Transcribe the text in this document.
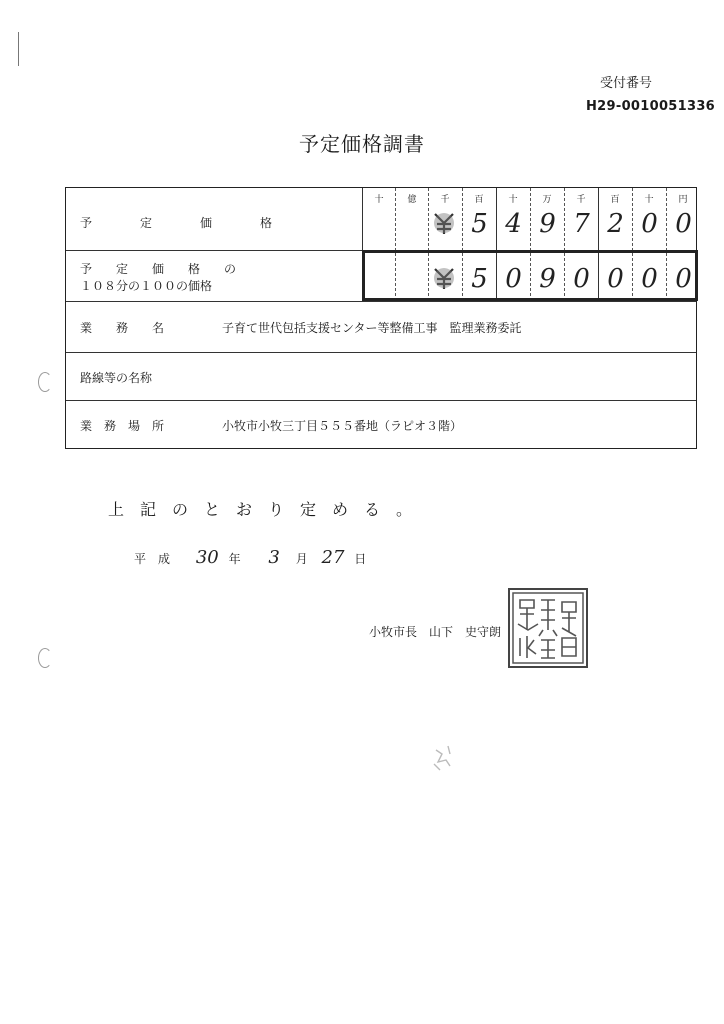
受付番号
H29-0010051336
予定価格調書
十	億	千	百	十	万	千	百	十	円
予　　　　定　　　　価　　　　格	5 4 9 7 2 0 0
予　　定　　価　　格　　の
１０８分の１００の価格	5 0 9 0 0 0 0
業　　務　　名	子育て世代包括支援センター等整備工事　監理業務委託
路線等の名称
業　務　場　所	小牧市小牧三丁目５５５番地（ラピオ３階）
上　記　の　と　お　り　定　め　る　。
平　成 30 年 3 月 27 日
小牧市長　山下　史守朗
